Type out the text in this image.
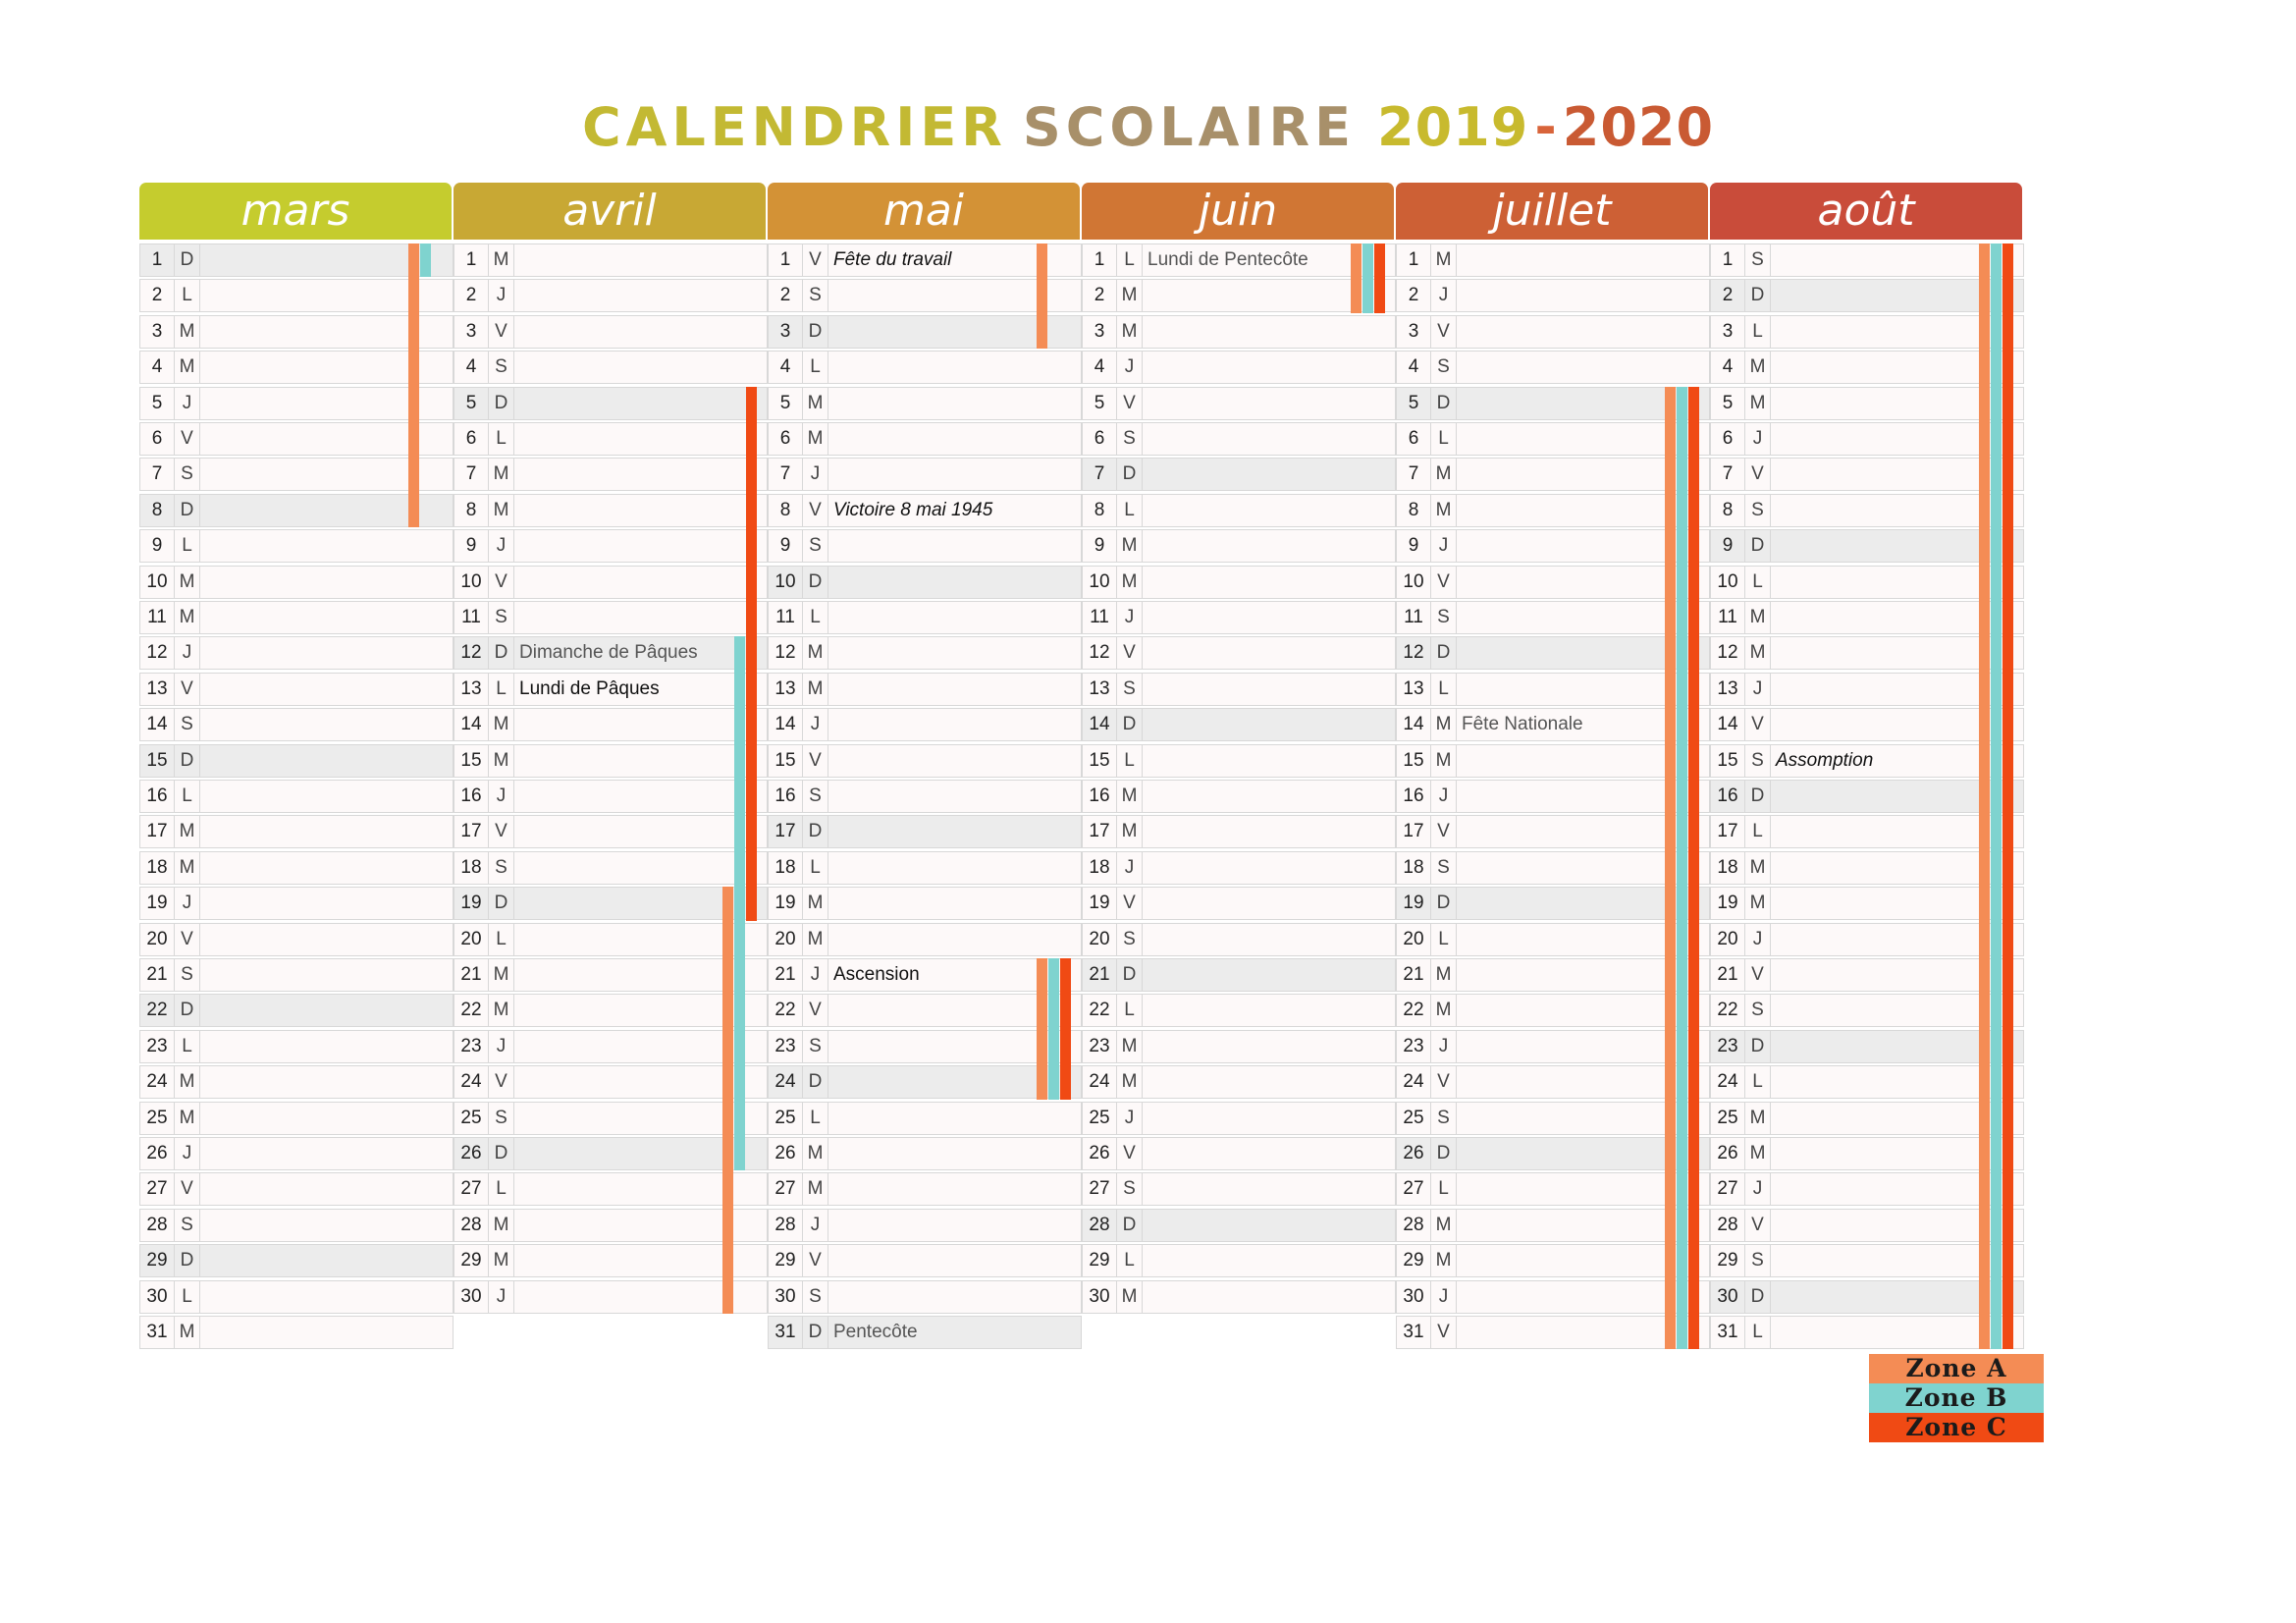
CALENDRIER SCOLAIRE 2019 - 2020
mars
1 D
2	L
3 M
4 M
5	J
6 V
7 S
8 D
9	L
10 M
11 M
12 J
13 V
14 S
15 D
16 L
17 M
18 M
19 J
20 V
21 S
22 D
23 L
24 M
25 M
26 J
27 V
28 S
29 D
30 L
31 M
avril
1 M
2	J
3 V
4 S
5 D
6	L
7 M
8 M
9	J
10 V
11 S
12 D Dimanche de Pâques
13 L Lundi de Pâques
14 M
15 M
16 J
17 V
18 S
19 D
20 L
21 M
22 M
23 J
24 V
25 S
26 D
27 L
28 M
29 M
30 J
mai
1 V Fête du travail
2 S
3 D
4	L
5 M
6 M
7	J
8 V Victoire 8 mai 1945
9 S
10 D
11 L
12 M
13 M
14 J
15 V
16 S
17 D
18 L
19 M
20 M
21 J Ascension
22 V
23 S
24 D
25 L
26 M
27 M
28 J
29 V
30 S
31 D Pentecôte
juin
1	L Lundi de Pentecôte
2 M
3 M
4	J
5 V
6 S
7 D
8	L
9 M
10 M
11 J
12 V
13 S
14 D
15 L
16 M
17 M
18 J
19 V
20 S
21 D
22 L
23 M
24 M
25 J
26 V
27 S
28 D
29 L
30 M
juillet
1 M
2	J
3 V
4 S
5 D
6	L
7 M
8 M
9	J
10 V
11 S
12 D
13 L
14 M Fête Nationale
15 M
16 J
17 V
18 S
19 D
20 L
21 M
22 M
23 J
24 V
25 S
26 D
27 L
28 M
29 M
30 J
31 V
août
1 S
2 D
3	L
4 M
5 M
6	J
7 V
8 S
9 D
10 L
11 M
12 M
13 J
14 V
15 S Assomption
16 D
17 L
18 M
19 M
20 J
21 V
22 S
23 D
24 L
25 M
26 M
27 J
28 V
29 S
30 D
31 L
Zone A
Zone B
Zone C
